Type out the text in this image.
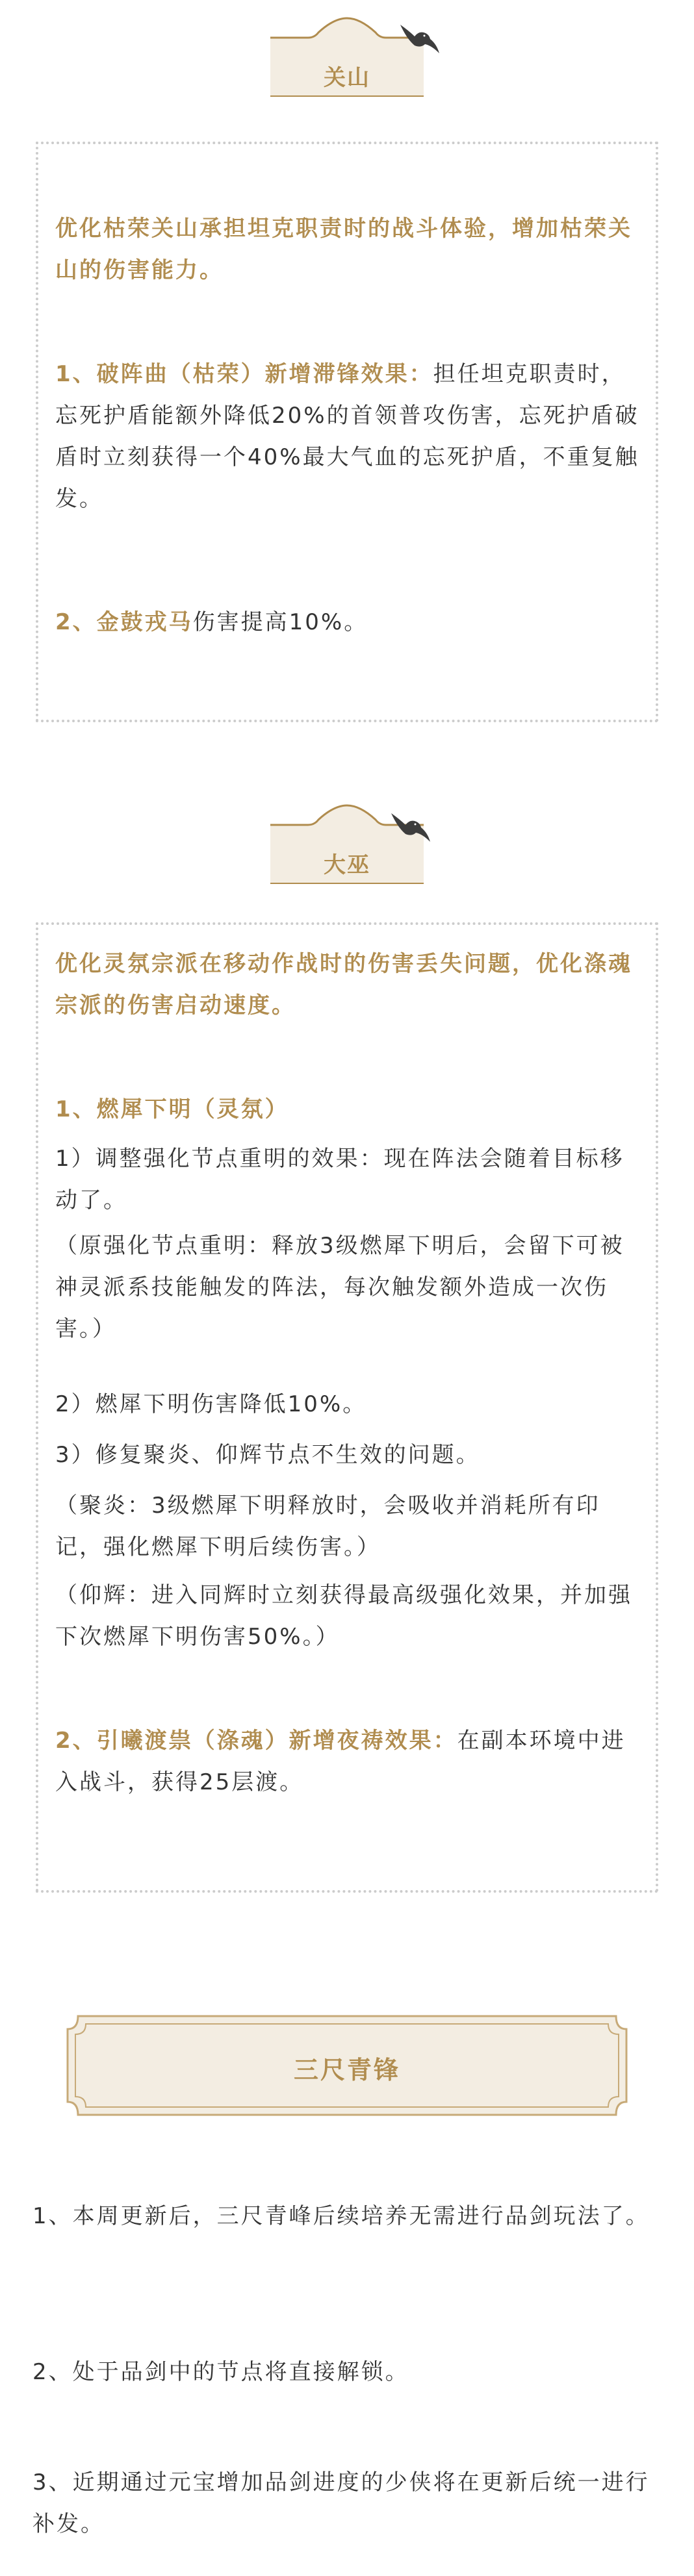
关山

优化枯荣关山承担坦克职责时的战斗体验，增加枯荣关山的伤害能力。

1、破阵曲（枯荣）新增滞锋效果：担任坦克职责时，忘死护盾能额外降低20%的首领普攻伤害，忘死护盾破盾时立刻获得一个40%最大气血的忘死护盾，不重复触发。

2、金鼓戎马伤害提高10%。

大巫

优化灵氛宗派在移动作战时的伤害丢失问题，优化涤魂宗派的伤害启动速度。

1、燃犀下明（灵氛）

1）调整强化节点重明的效果：现在阵法会随着目标移动了。

（原强化节点重明：释放3级燃犀下明后，会留下可被神灵派系技能触发的阵法，每次触发额外造成一次伤害。）

2）燃犀下明伤害降低10%。

3）修复聚炎、仰辉节点不生效的问题。

（聚炎：3级燃犀下明释放时，会吸收并消耗所有印记，强化燃犀下明后续伤害。）

（仰辉：进入同辉时立刻获得最高级强化效果，并加强下次燃犀下明伤害50%。）

2、引曦渡祟（涤魂）新增夜祷效果：在副本环境中进入战斗，获得25层渡。

三尺青锋

1、本周更新后，三尺青峰后续培养无需进行品剑玩法了。

2、处于品剑中的节点将直接解锁。

3、近期通过元宝增加品剑进度的少侠将在更新后统一进行补发。
